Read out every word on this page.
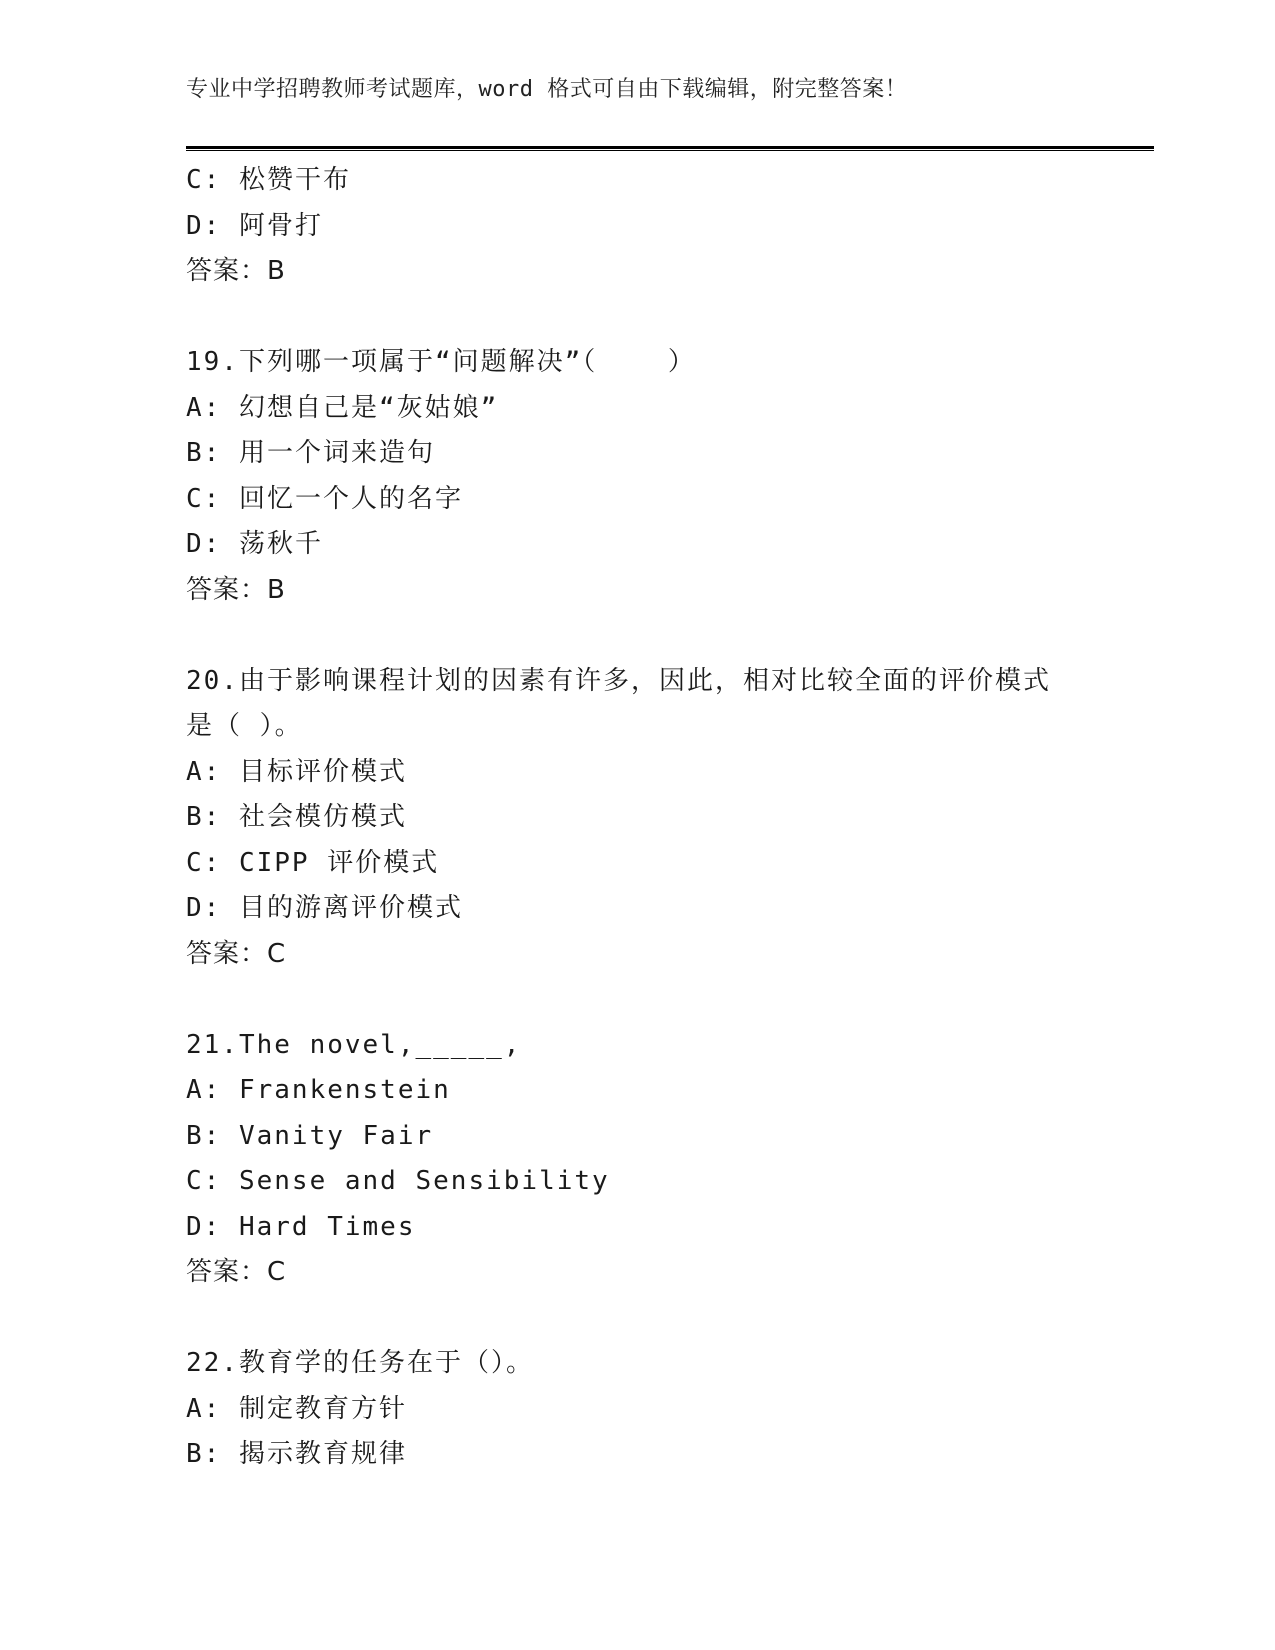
专业中学招聘教师考试题库，word 格式可自由下载编辑，附完整答案！
C: 松赞干布
D: 阿骨打
答案：B
19.下列哪一项属于“问题解决”（    ）
A: 幻想自己是“灰姑娘”
B: 用一个词来造句
C: 回忆一个人的名字
D: 荡秋千
答案：B
20.由于影响课程计划的因素有许多，因此，相对比较全面的评价模式
是（ ）。
A: 目标评价模式
B: 社会模仿模式
C: CIPP 评价模式
D: 目的游离评价模式
答案：C
21.The novel,_____,
A: Frankenstein
B: Vanity Fair
C: Sense and Sensibility
D: Hard Times
答案：C
22.教育学的任务在于（）。
A: 制定教育方针
B: 揭示教育规律
